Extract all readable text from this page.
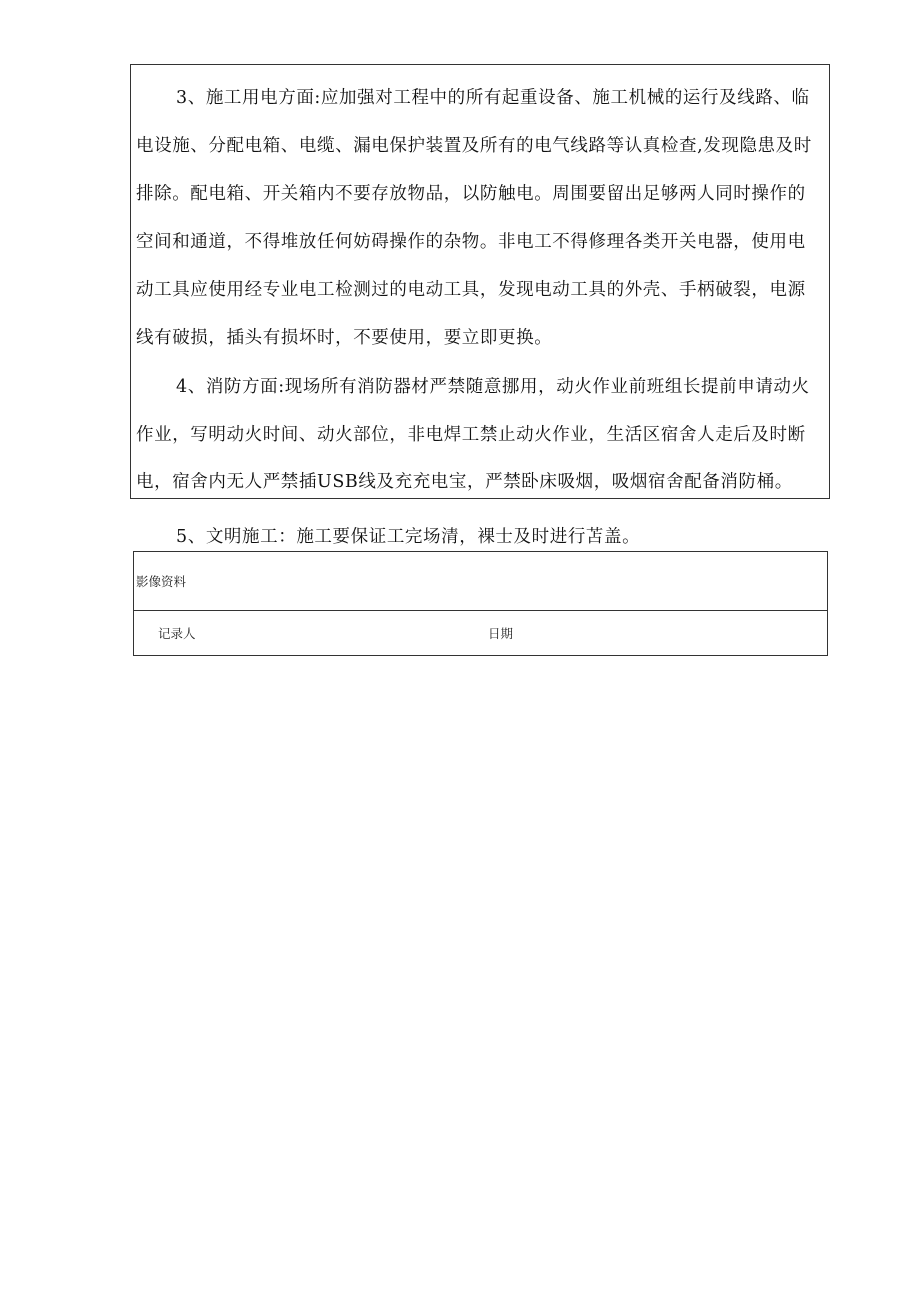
3、施工用电方面:应加强对工程中的所有起重设备、施工机械的运行及线路、临
电设施、分配电箱、电缆、漏电保护装置及所有的电气线路等认真检查,发现隐患及时
排除。配电箱、开关箱内不要存放物品，以防触电。周围要留出足够两人同时操作的
空间和通道，不得堆放任何妨碍操作的杂物。非电工不得修理各类开关电器，使用电
动工具应使用经专业电工检测过的电动工具，发现电动工具的外壳、手柄破裂，电源
线有破损，插头有损坏时，不要使用，要立即更换。
4、消防方面:现场所有消防器材严禁随意挪用，动火作业前班组长提前申请动火
作业，写明动火时间、动火部位，非电焊工禁止动火作业，生活区宿舍人走后及时断
电，宿舍内无人严禁插USB线及充充电宝，严禁卧床吸烟，吸烟宿舍配备消防桶。
5、文明施工：施工要保证工完场清，裸士及时进行苫盖。
影像资料
记录人	日期
